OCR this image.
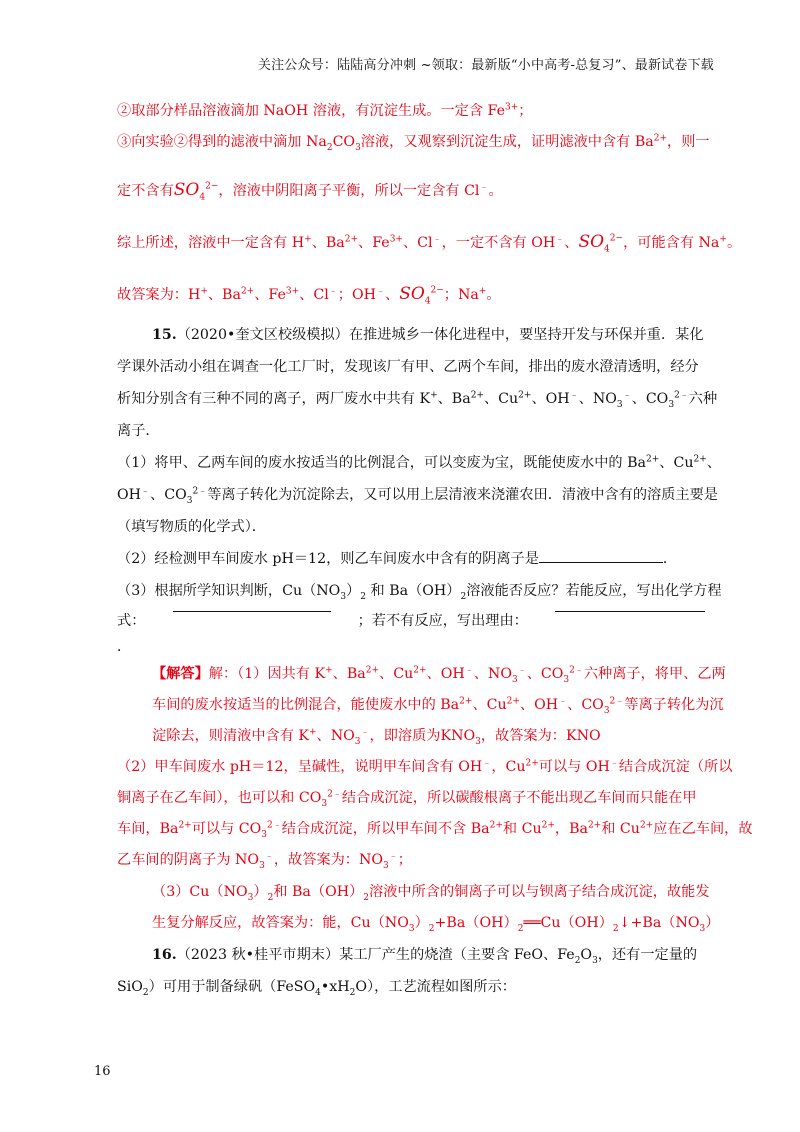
关注公众号：陆陆高分冲刺 ~领取：最新版“小中高考-总复习”、最新试卷下载
②取部分样品溶液滴加 NaOH 溶液，有沉淀生成。一定含 $Fe^{3+}$；
③向实验②得到的滤液中滴加 $Na_2CO_3$溶液，又观察到沉淀生成，证明滤液中含有 $Ba^{2+}$，则一
定不含有$SO_4^{2-}$，溶液中阴阳离子平衡，所以一定含有 Cl﹣。
综上所述，溶液中一定含有 H+、$Ba^{2+}$、$Fe^{3+}$、Cl﹣，一定不含有 OH﹣、$SO_4^{2-}$，可能含有 Na+。
故答案为：H+、$Ba^{2+}$、$Fe^{3+}$、Cl﹣；OH﹣、$SO_4^{2-}$；Na+。
15.（2020•奎文区校级模拟）在推进城乡一体化进程中，要坚持开发与环保并重．某化
学课外活动小组在调查一化工厂时，发现该厂有甲、乙两个车间，排出的废水澄清透明，经分
析知分别含有三种不同的离子，两厂废水中共有 K+、$Ba^{2+}$、$Cu^{2+}$、OH﹣、$NO_3^﹣$、$CO_3^{2﹣}$六种
离子．
（1）将甲、乙两车间的废水按适当的比例混合，可以变废为宝，既能使废水中的 $Ba^{2+}$、$Cu^{2+}$、
OH﹣、$CO_3^{2﹣}$等离子转化为沉淀除去，又可以用上层清液来浇灌农田．清液中含有的溶质主要是
（填写物质的化学式）．
（2）经检测甲车间废水 pH＝12，则乙车间废水中含有的阴离子是	．
（3）根据所学知识判断，$Cu(NO_3)_2$ 和 $Ba(OH)_2$溶液能否反应？若能反应，写出化学方程
式：	；若不有反应，写出理由：
．
【解答】解：（1）因共有 K+、$Ba^{2+}$、$Cu^{2+}$、OH﹣、$NO_3^﹣$、$CO_3^{2﹣}$六种离子，将甲、乙两
车间的废水按适当的比例混合，能使废水中的 $Ba^{2+}$、$Cu^{2+}$、OH﹣、$CO_3^{2﹣}$等离子转化为沉
淀除去，则清液中含有 K+、$NO_3^﹣$，即溶质为$KNO_3$，故答案为：KNO
（2）甲车间废水 pH＝12，呈碱性，说明甲车间含有 OH﹣，$Cu^{2+}$可以与 OH﹣结合成沉淀（所以
铜离子在乙车间），也可以和 $CO_3^{2﹣}$结合成沉淀，所以碳酸根离子不能出现乙车间而只能在甲
车间，$Ba^{2+}$可以与 $CO_3^{2﹣}$结合成沉淀，所以甲车间不含 $Ba^{2+}$和 $Cu^{2+}$，$Ba^{2+}$和 $Cu^{2+}$应在乙车间，故
乙车间的阴离子为 $NO_3^﹣$，故答案为：$NO_3^﹣$；
$(3)Cu(NO_3)_2$和 $Ba(OH)_2$溶液中所含的铜离子可以与钡离子结合成沉淀，故能发
生复分解反应，故答案为：能，$Cu(NO_3)_2+Ba(OH)_2══Cu(OH)_2↓+Ba(NO_3)$
16.（2023 秋•桂平市期末）某工厂产生的烧渣（主要含 FeO、$Fe_2O_3$，还有一定量的
SiO$_2$）可用于制备绿矾$(FeSO_4•xH_2O)$，工艺流程如图所示：
16
